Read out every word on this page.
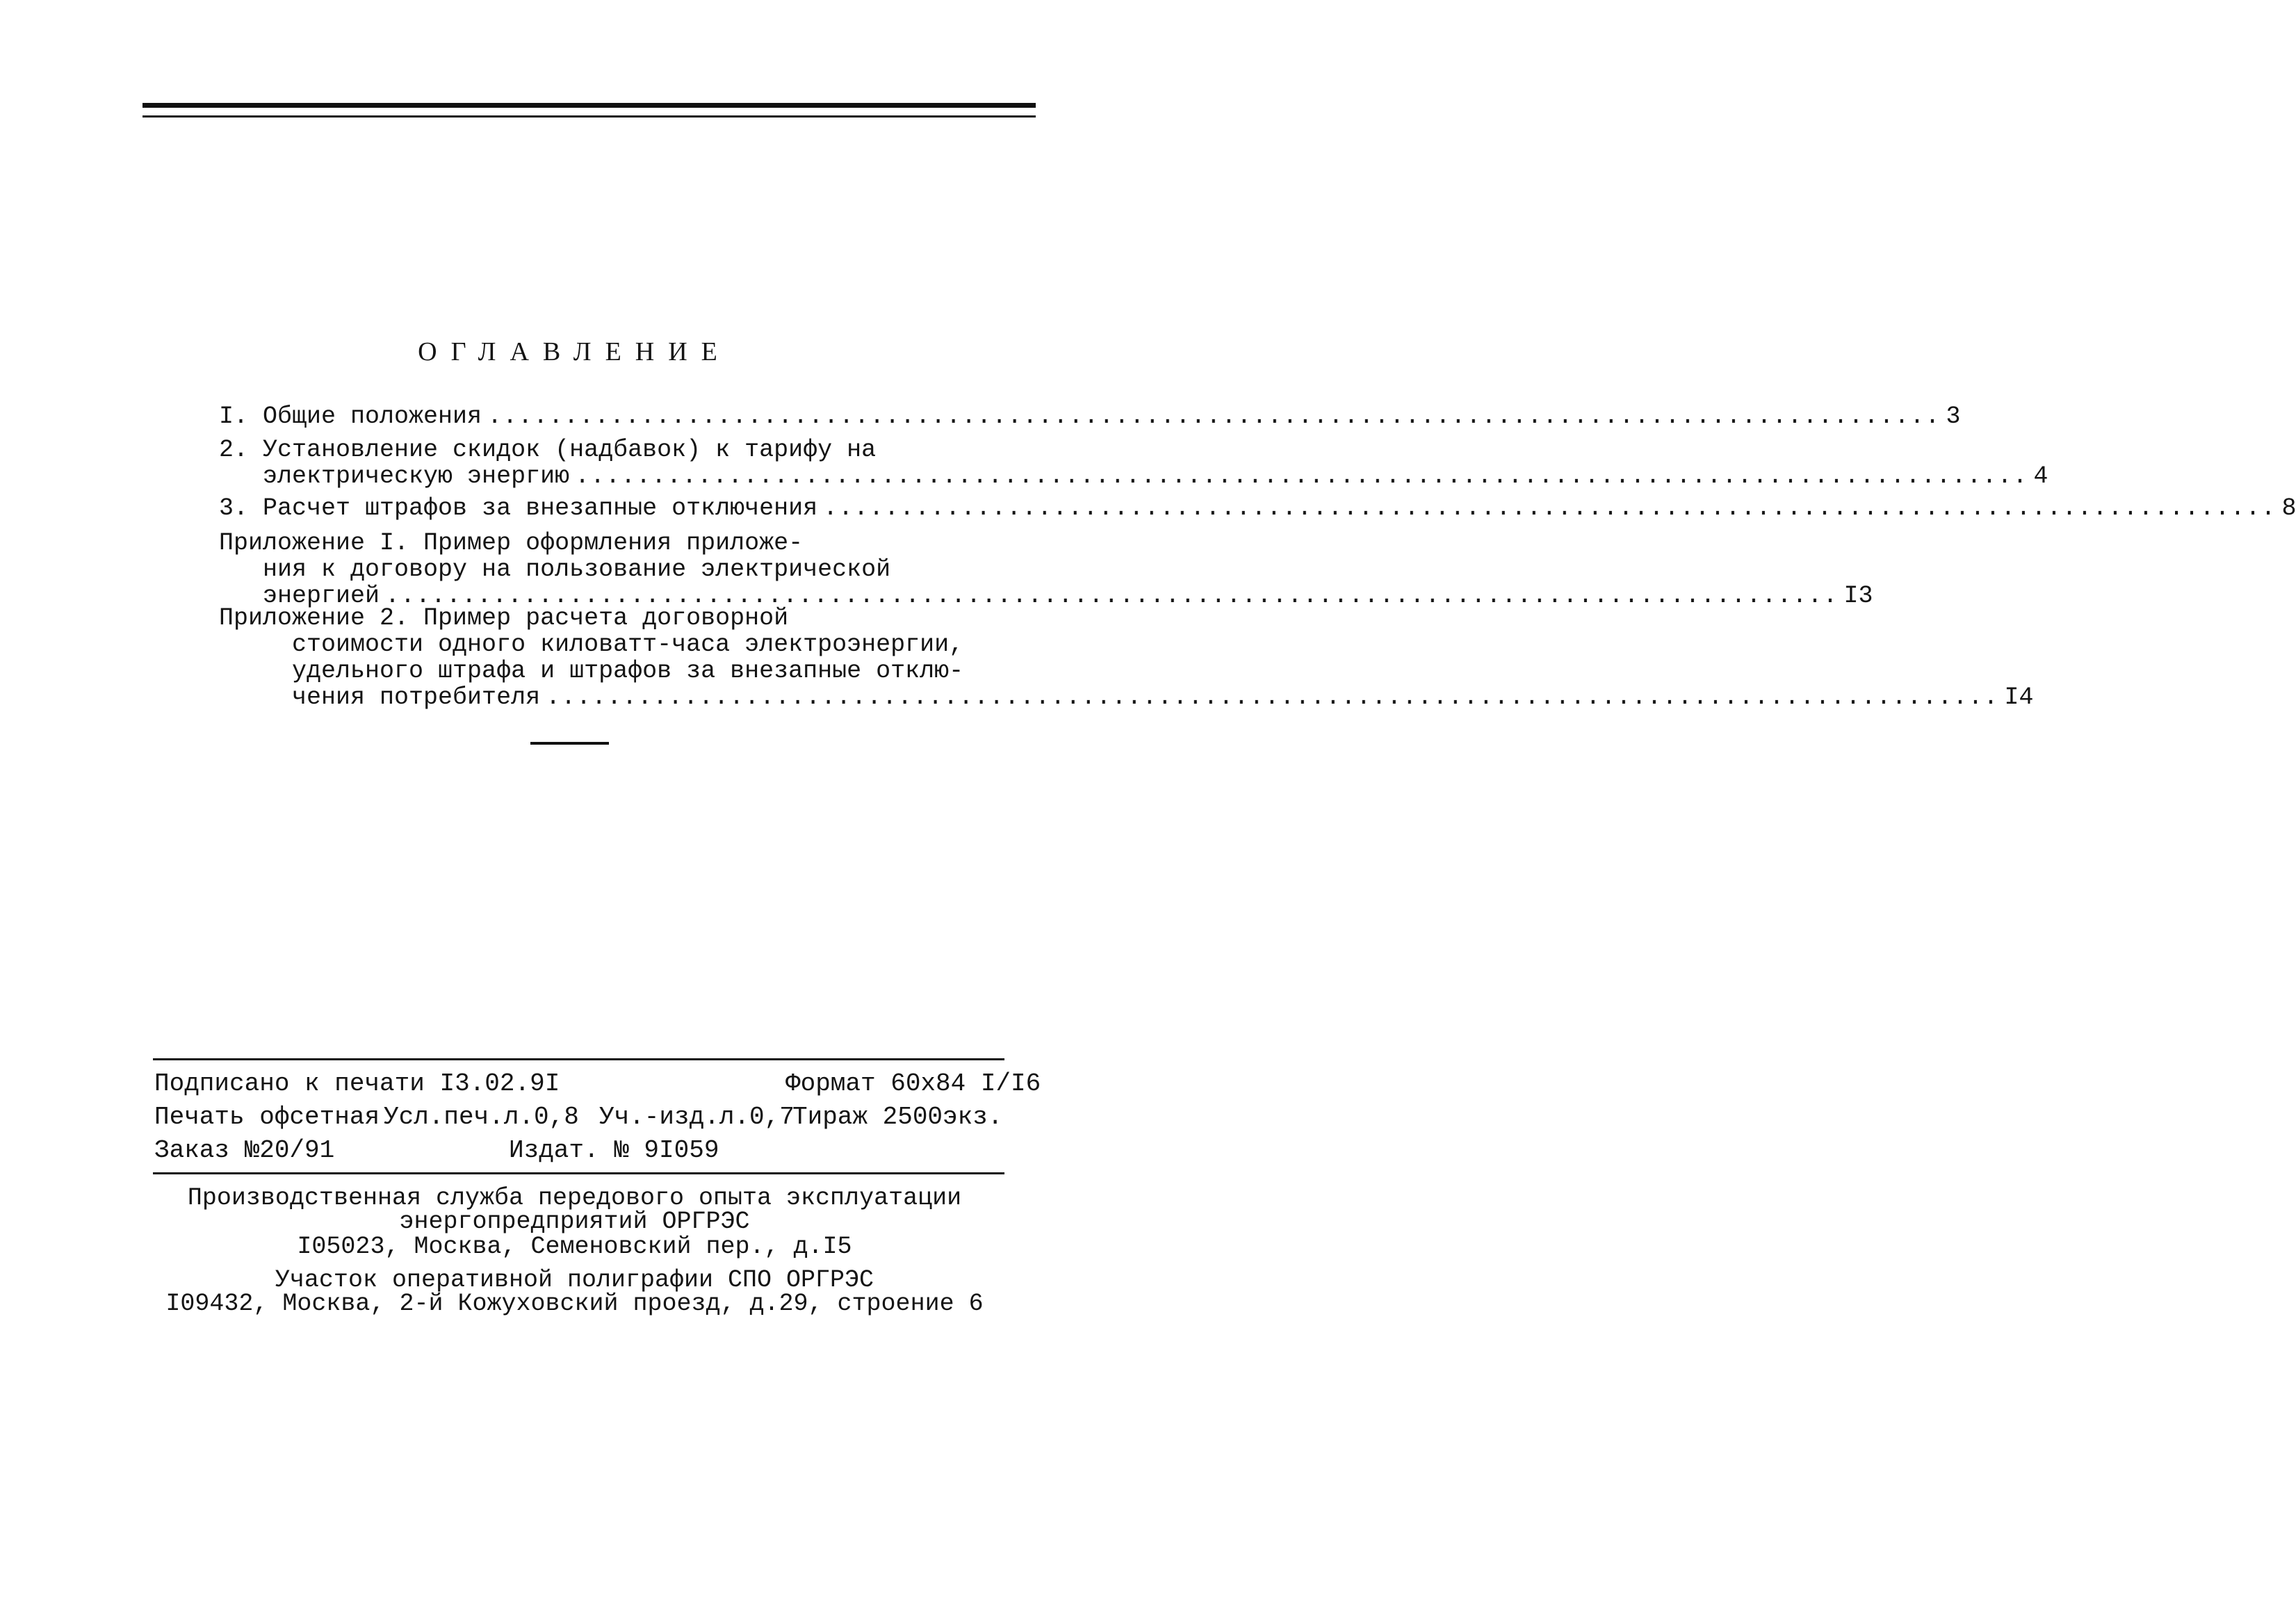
ОГЛАВЛЕНИЕ
I. Общие положения ............................................................................................... 3
2. Установление скидок (надбавок) к тарифу на
электрическую энергию ............................................................................................... 4
3. Расчет штрафов за внезапные отключения ............................................................................................... 8
Приложение I. Пример оформления приложе-
ния к договору на пользование электрической
энергией ............................................................................................... I3
Приложение 2. Пример расчета договорной
стоимости одного киловатт-часа электроэнергии,
удельного штрафа и штрафов за внезапные отклю-
чения потребителя ............................................................................................... I4
Подписано к печати I3.02.9I	Формат 60х84 I/I6
Печать офсетная Усл.печ.л.0,8 Уч.-изд.л.0,7
Тираж 2500экз.
Заказ №20/91	Издат. № 9I059
Производственная служба передового опыта эксплуатации
энергопредприятий ОРГРЭС
I05023, Москва, Семеновский пер., д.I5
Участок оперативной полиграфии СПО ОРГРЭС
I09432, Москва, 2-й Кожуховский проезд, д.29, строение 6
